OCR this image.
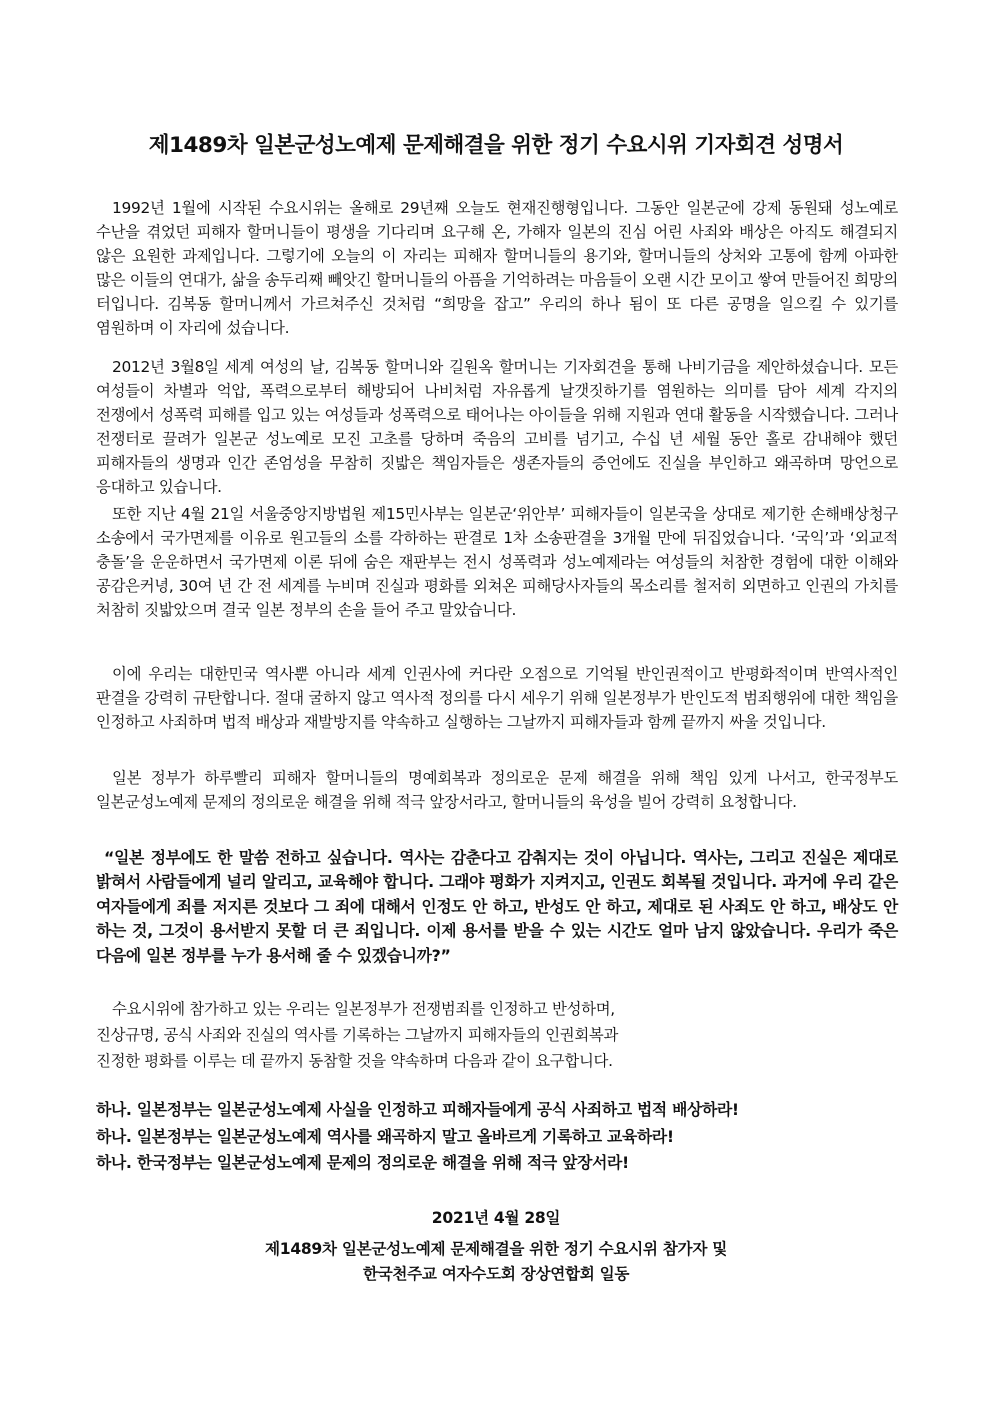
제1489차 일본군성노예제 문제해결을 위한 정기 수요시위 기자회견 성명서

1992년 1월에 시작된 수요시위는 올해로 29년째 오늘도 현재진행형입니다. 그동안 일본군에 강제 동원돼 성노예로 수난을 겪었던 피해자 할머니들이 평생을 기다리며 요구해 온, 가해자 일본의 진심 어린 사죄와 배상은 아직도 해결되지 않은 요원한 과제입니다. 그렇기에 오늘의 이 자리는 피해자 할머니들의 용기와, 할머니들의 상처와 고통에 함께 아파한 많은 이들의 연대가, 삶을 송두리째 빼앗긴 할머니들의 아픔을 기억하려는 마음들이 오랜 시간 모이고 쌓여 만들어진 희망의 터입니다. 김복동 할머니께서 가르쳐주신 것처럼 “희망을 잡고” 우리의 하나 됨이 또 다른 공명을 일으킬 수 있기를 염원하며 이 자리에 섰습니다.

2012년 3월8일 세계 여성의 날, 김복동 할머니와 길원옥 할머니는 기자회견을 통해 나비기금을 제안하셨습니다. 모든 여성들이 차별과 억압, 폭력으로부터 해방되어 나비처럼 자유롭게 날갯짓하기를 염원하는 의미를 담아 세계 각지의 전쟁에서 성폭력 피해를 입고 있는 여성들과 성폭력으로 태어나는 아이들을 위해 지원과 연대 활동을 시작했습니다. 그러나 전쟁터로 끌려가 일본군 성노예로 모진 고초를 당하며 죽음의 고비를 넘기고, 수십 년 세월 동안 홀로 감내해야 했던 피해자들의 생명과 인간 존엄성을 무참히 짓밟은 책임자들은 생존자들의 증언에도 진실을 부인하고 왜곡하며 망언으로 응대하고 있습니다.

또한 지난 4월 21일 서울중앙지방법원 제15민사부는 일본군‘위안부’ 피해자들이 일본국을 상대로 제기한 손해배상청구 소송에서 국가면제를 이유로 원고들의 소를 각하하는 판결로 1차 소송판결을 3개월 만에 뒤집었습니다. ‘국익’과 ‘외교적 충돌’을 운운하면서 국가면제 이론 뒤에 숨은 재판부는 전시 성폭력과 성노예제라는 여성들의 처참한 경험에 대한 이해와 공감은커녕, 30여 년 간 전 세계를 누비며 진실과 평화를 외쳐온 피해당사자들의 목소리를 철저히 외면하고 인권의 가치를 처참히 짓밟았으며 결국 일본 정부의 손을 들어 주고 말았습니다.

이에 우리는 대한민국 역사뿐 아니라 세계 인권사에 커다란 오점으로 기억될 반인권적이고 반평화적이며 반역사적인 판결을 강력히 규탄합니다. 절대 굴하지 않고 역사적 정의를 다시 세우기 위해 일본정부가 반인도적 범죄행위에 대한 책임을 인정하고 사죄하며 법적 배상과 재발방지를 약속하고 실행하는 그날까지 피해자들과 함께 끝까지 싸울 것입니다.

일본 정부가 하루빨리 피해자 할머니들의 명예회복과 정의로운 문제 해결을 위해 책임 있게 나서고, 한국정부도 일본군성노예제 문제의 정의로운 해결을 위해 적극 앞장서라고, 할머니들의 육성을 빌어 강력히 요청합니다.

“일본 정부에도 한 말씀 전하고 싶습니다. 역사는 감춘다고 감춰지는 것이 아닙니다. 역사는, 그리고 진실은 제대로 밝혀서 사람들에게 널리 알리고, 교육해야 합니다. 그래야 평화가 지켜지고, 인권도 회복될 것입니다. 과거에 우리 같은 여자들에게 죄를 저지른 것보다 그 죄에 대해서 인정도 안 하고, 반성도 안 하고, 제대로 된 사죄도 안 하고, 배상도 안 하는 것, 그것이 용서받지 못할 더 큰 죄입니다. 이제 용서를 받을 수 있는 시간도 얼마 남지 않았습니다. 우리가 죽은 다음에 일본 정부를 누가 용서해 줄 수 있겠습니까?”

수요시위에 참가하고 있는 우리는 일본정부가 전쟁범죄를 인정하고 반성하며,
진상규명, 공식 사죄와 진실의 역사를 기록하는 그날까지 피해자들의 인권회복과
진정한 평화를 이루는 데 끝까지 동참할 것을 약속하며 다음과 같이 요구합니다.
하나. 일본정부는 일본군성노예제 사실을 인정하고 피해자들에게 공식 사죄하고 법적 배상하라!
하나. 일본정부는 일본군성노예제 역사를 왜곡하지 말고 올바르게 기록하고 교육하라!
하나. 한국정부는 일본군성노예제 문제의 정의로운 해결을 위해 적극 앞장서라!
2021년 4월 28일
제1489차 일본군성노예제 문제해결을 위한 정기 수요시위 참가자 및
한국천주교 여자수도회 장상연합회 일동
